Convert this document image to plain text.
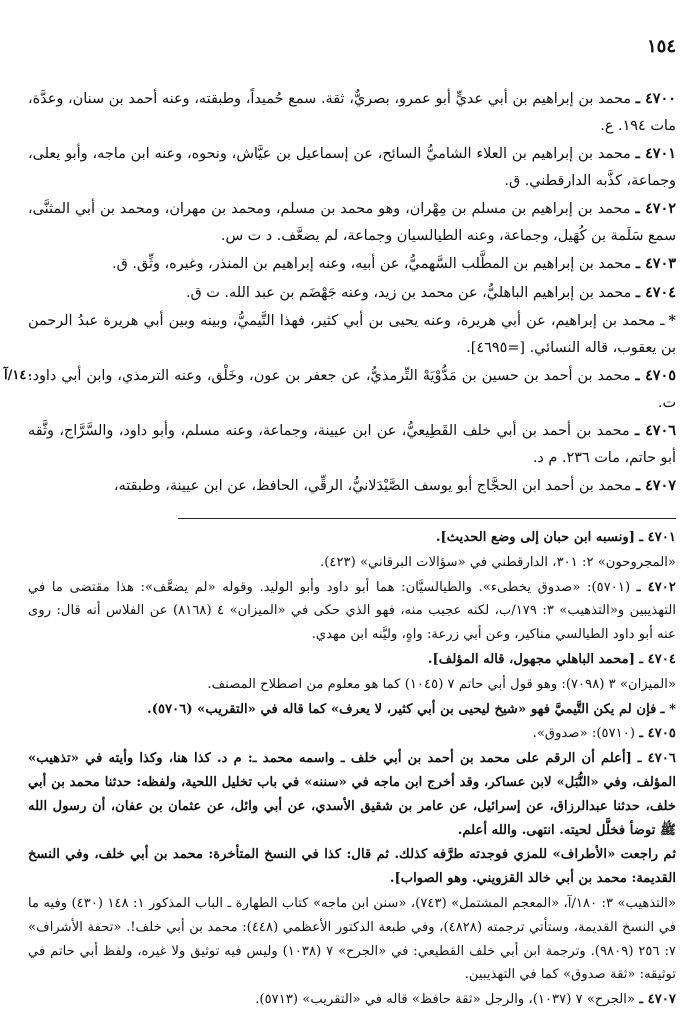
١٥٤
٤٧٠٠ ـ محمد بن إبراهيم بن أبي عديٍّ أبو عمرو، بصريٌّ، ثقة. سمع حُميداً، وطبقته، وعنه أحمد بن سنان، وعدَّة، مات ١٩٤. ع.
٤٧٠١ ـ محمد بن إبراهيم بن العلاء الشاميُّ السائح، عن إسماعيل بن عيَّاش، ونحوه، وعنه ابن ماجه، وأبو يعلى، وجماعة، كذَّبه الدارقطني. ق.
٤٧٠٢ ـ محمد بن إبراهيم بن مسلم بن مِهْران، وهو محمد بن مسلم، ومحمد بن مهران، ومحمد بن أبي المثنَّى، سمع سَلَمة بن كُهَيل، وجماعة، وعنه الطيالسيان وجماعة، لم يضعَّف. د ت س.
٤٧٠٣ ـ محمد بن إبراهيم بن المطَّلب السَّهميُّ، عن أبيه، وعنه إبراهيم بن المنذر، وغيره، وثِّق. ق.
٤٧٠٤ ـ محمد بن إبراهيم الباهليُّ، عن محمد بن زيد، وعنه جَهْضَم بن عبد الله. ت ق.
*ـ محمد بن إبراهيم، عن أبي هريرة، وعنه يحيى بن أبي كثير، فهذا التَّيميُّ، وبينه وبين أبي هريرة عبدُ الرحمن بن يعقوب، قاله النسائي. [=٤٦٩٥].
١٤٠/آ	٤٧٠٥ ـ محمد بن أحمد بن حسين بن مَدُّوْيَهْ التِّرمذيُّ، عن جعفر بن عون، وخَلْق، وعنه الترمذي، وابن أبي داود. ت.
٤٧٠٦ ـ محمد بن أحمد بن أبي خلف القَطِيعيُّ، عن ابن عيينة، وجماعة، وعنه مسلم، وأبو داود، والسَّرَّاج، وثَّقه أبو حاتم، مات ٢٣٦. م د.
٤٧٠٧ ـ محمد بن أحمد ابن الحجَّاج أبو يوسف الصَّيْدَلانيُّ، الرقِّي، الحافظ، عن ابن عيينة، وطبقته،
٤٧٠١ ـ [ونسبه ابن حبان إلى وضع الحديث].
«المجروحون» ٢: ٣٠١، الدارقطني في «سؤالات البرقاني» (٤٢٣).
٤٧٠٢ ـ (٥٧٠١): «صدوق يخطىء». والطيالسيَّان: هما أبو داود وأبو الوليد. وقوله «لم يضعَّف»: هذا مقتضى ما في التهذيبين و«التذهيب» ٣: ١٧٩/ب، لكنه عجيب منه، فهو الذي حكى في «الميزان» ٤ (٨١٦٨) عن الفلاس أنه قال: روى عنه أبو داود الطيالسي مناكير، وعن أبي زرعة: واهٍ، وليَّنه ابن مهدي.
٤٧٠٤ ـ [محمد الباهلي مجهول، قاله المؤلف].
«الميزان» ٣ (٧٠٩٨): وهو قول أبي حاتم ٧ (١٠٤٥) كما هو معلوم من اصطلاح المصنف.
* ـ فإن لم يكن التَّيميَّ فهو «شيخ ليحيى بن أبي كثير، لا يعرف» كما قاله في «التقريب» (٥٧٠٦).
٤٧٠٥ ـ (٥٧١٠): «صدوق».
٤٧٠٦ ـ [أعلم أن الرقم على محمد بن أحمد بن أبي خلف ـ واسمه محمد ـ: م د. كذا هنا، وكذا وأيته في «تذهيب» المؤلف، وفي «النُّبَل» لابن عساكر، وقد أخرج ابن ماجه في «سننه» في باب تخليل اللحية، ولفظه: حدثنا محمد بن أبي خلف، حدثنا عبدالرزاق، عن إسرائيل، عن عامر بن شقيق الأسدي، عن أبي وائل، عن عثمان بن عفان، أن رسول الله ﷺ توضأ فخلَّل لحيته. انتهى. والله أعلم.
ثم راجعت «الأطراف» للمزي فوجدته طرَّفه كذلك. ثم قال: كذا في النسخ المتأخرة: محمد بن أبي خلف، وفي النسخ القديمة: محمد بن أبي خالد القزويني. وهو الصواب].
«التذهيب» ٣: ١٨٠/آ، «المعجم المشتمل» (٧٤٣)، «سنن ابن ماجه» كتاب الطهارة ـ الباب المذكور ١: ١٤٨ (٤٣٠) وفيه ما في النسخ القديمة، وستأتي ترجمته (٤٨٢٨)، وفي طبعة الدكتور الأعظمي (٤٤٨): محمد بن أبي خلف!. «تحفة الأشراف» ٧: ٢٥٦ (٩٨٠٩). وترجمة ابن أبي خلف القطيعي: في «الجرح» ٧ (١٠٣٨) وليس فيه توثيق ولا غيره، ولفظ أبي حاتم في توثيقه: «ثقة صدوق» كما في التهذيبين.
٤٧٠٧ ـ «الجرح» ٧ (١٠٣٧)، والرجل «ثقة حافظ» قاله في «التقريب» (٥٧١٣).
